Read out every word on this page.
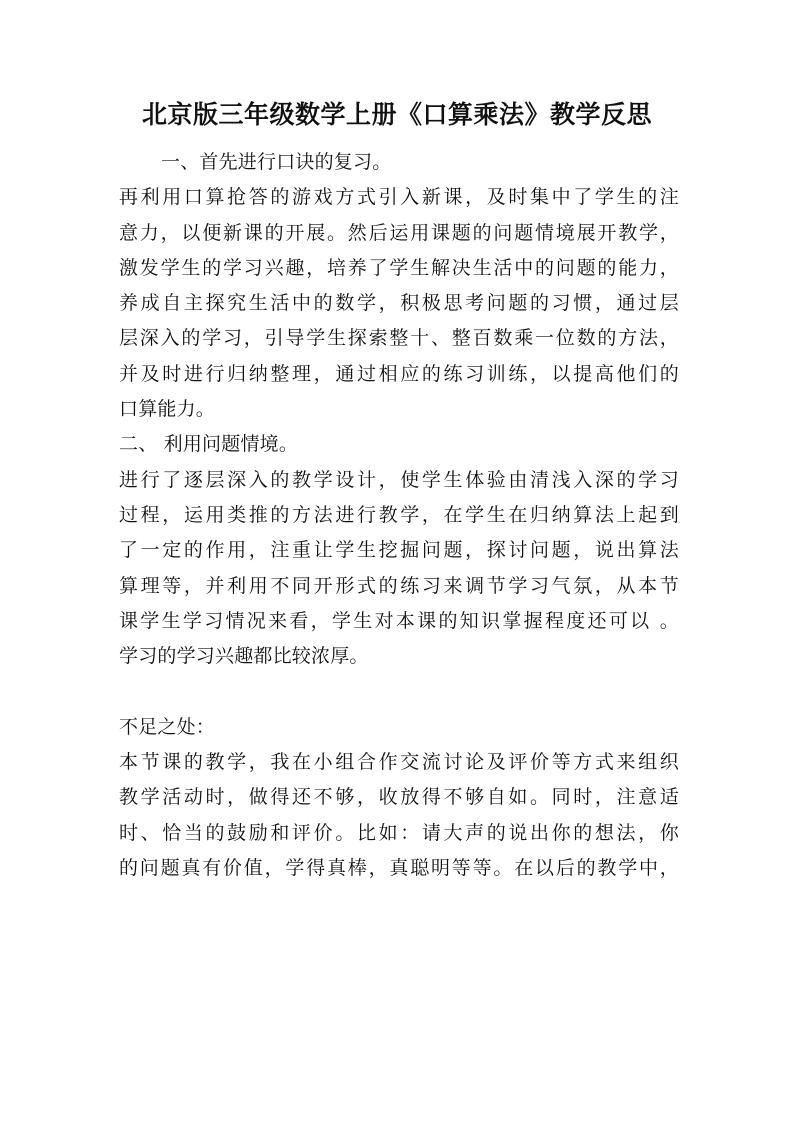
北京版三年级数学上册《口算乘法》教学反思
一、首先进行口诀的复习。
再利用口算抢答的游戏方式引入新课，及时集中了学生的注
意力，以便新课的开展。然后运用课题的问题情境展开教学，
激发学生的学习兴趣，培养了学生解决生活中的问题的能力，
养成自主探究生活中的数学，积极思考问题的习惯，通过层
层深入的学习，引导学生探索整十、整百数乘一位数的方法，
并及时进行归纳整理，通过相应的练习训练，以提高他们的
口算能力。
二、 利用问题情境。
进行了逐层深入的教学设计，使学生体验由清浅入深的学习
过程，运用类推的方法进行教学，在学生在归纳算法上起到
了一定的作用，注重让学生挖掘问题，探讨问题，说出算法
算理等，并利用不同开形式的练习来调节学习气氛，从本节
课学生学习情况来看，学生对本课的知识掌握程度还可以 。
学习的学习兴趣都比较浓厚。
不足之处：
本节课的教学，我在小组合作交流讨论及评价等方式来组织
教学活动时，做得还不够，收放得不够自如。同时，注意适
时、恰当的鼓励和评价。比如：请大声的说出你的想法，你
的问题真有价值，学得真棒，真聪明等等。在以后的教学中，
